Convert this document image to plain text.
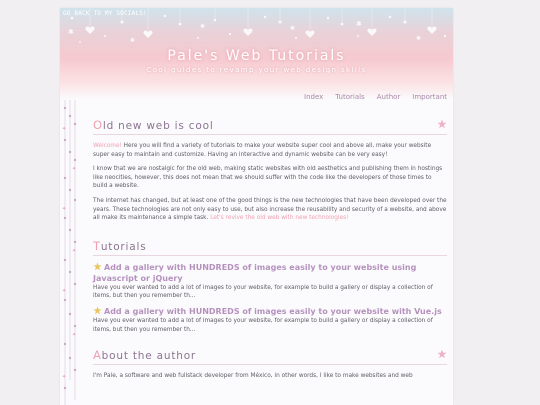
✱
✱
✱	✱
✱
✱
GO BACK TO MY SOCIALS!
Pale's Web Tutorials
Cool guides to revamp your web design skills
Index Tutorials Author Important
✦
✦
✦
✦
✦
✦
✦
Old new web is cool

Welcome! Here you will find a variety of tutorials to make your website super cool and above all, make your website super easy to maintain and customize. Having an interactive and dynamic website can be very easy!

I know that we are nostalgic for the old web, making static websites with old aesthetics and publishing them in hostings like neocities, however, this does not mean that we should suffer with the code like the developers of those times to build a website.

The internet has changed, but at least one of the good things is the new technologies that have been developed over the years. These technologies are not only easy to use, but also increase the reusability and security of a website, and above all make its maintenance a simple task. Let's revive the old web with new technologies!

Tutorials
Add a gallery with HUNDREDS of images easily to your website using Javascript or jQuery

Have you ever wanted to add a lot of images to your website, for example to build a gallery or display a collection of items, but then you remember th...

Add a gallery with HUNDREDS of images easily to your website with Vue.js

Have you ever wanted to add a lot of images to your website, for example to build a gallery or display a collection of items, but then you remember th...

About the author

I'm Pale, a software and web fullstack developer from México, in other words, I like to make websites and web
